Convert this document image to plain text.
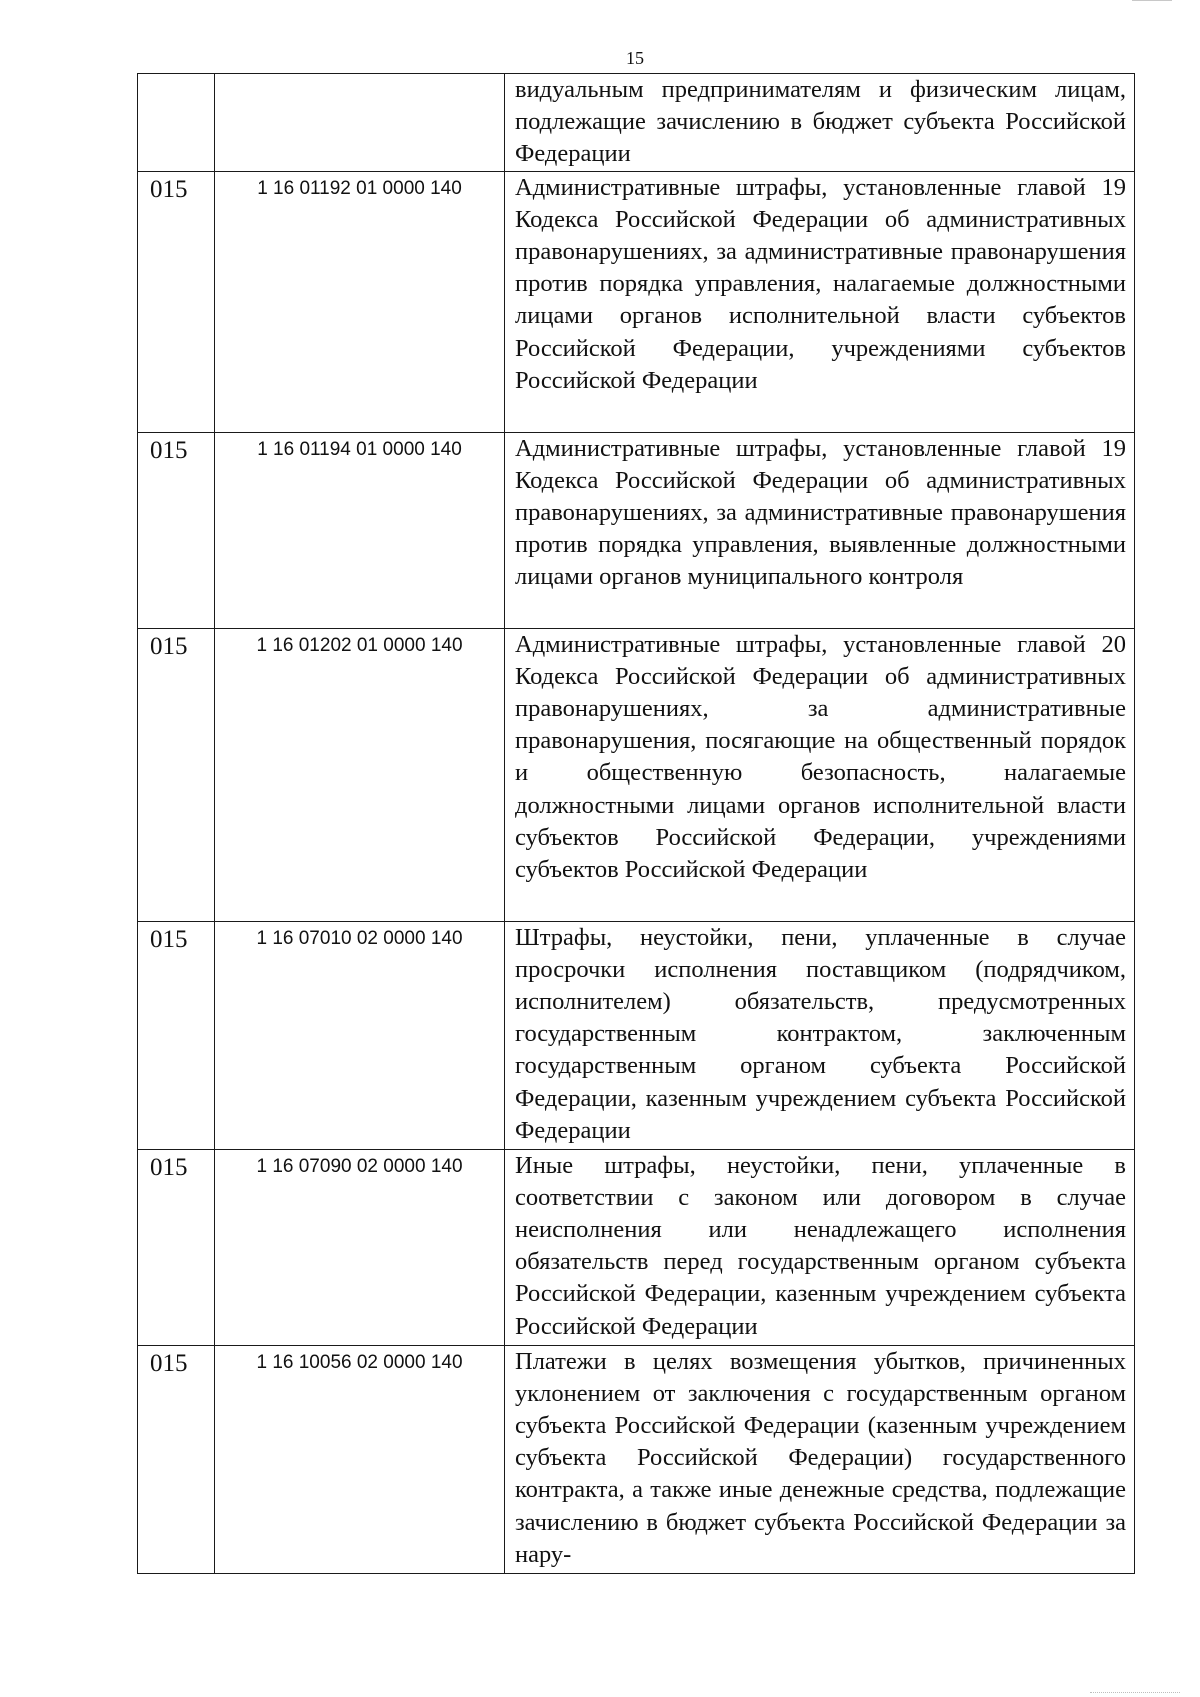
15
		видуальным предпринимателям и физическим лицам, подлежащие зачислению в бюджет субъекта Российской Федерации
015	1 16 01192 01 0000 140	Административные штрафы, установленные главой 19 Кодекса Российской Федерации об административных правонарушениях, за административные правонарушения против порядка управления, налагаемые должностными лицами органов исполнительной власти субъектов Российской Федерации, учреждениями субъектов Российской Федерации
015	1 16 01194 01 0000 140	Административные штрафы, установленные главой 19 Кодекса Российской Федерации об административных правонарушениях, за административные правонарушения против порядка управления, выявленные должностными лицами органов муниципального контроля
015	1 16 01202 01 0000 140	Административные штрафы, установленные главой 20 Кодекса Российской Федерации об административных правонарушениях, за административные правонарушения, посягающие на общественный порядок и общественную безопасность, налагаемые должностными лицами органов исполнительной власти субъектов Российской Федерации, учреждениями субъектов Российской Федерации
015	1 16 07010 02 0000 140	Штрафы, неустойки, пени, уплаченные в случае просрочки исполнения поставщиком (подрядчиком, исполнителем) обязательств, предусмотренных государственным контрактом, заключенным государственным органом субъекта Российской Федерации, казенным учреждением субъекта Российской Федерации
015	1 16 07090 02 0000 140	Иные штрафы, неустойки, пени, уплаченные в соответствии с законом или договором в случае неисполнения или ненадлежащего исполнения обязательств перед государственным органом субъекта Российской Федерации, казенным учреждением субъекта Российской Федерации
015	1 16 10056 02 0000 140	Платежи в целях возмещения убытков, причиненных уклонением от заключения с государственным органом субъекта Российской Федерации (казенным учреждением субъекта Российской Федерации) государственного контракта, а также иные денежные средства, подлежащие зачислению в бюджет субъекта Российской Федерации за нару-
